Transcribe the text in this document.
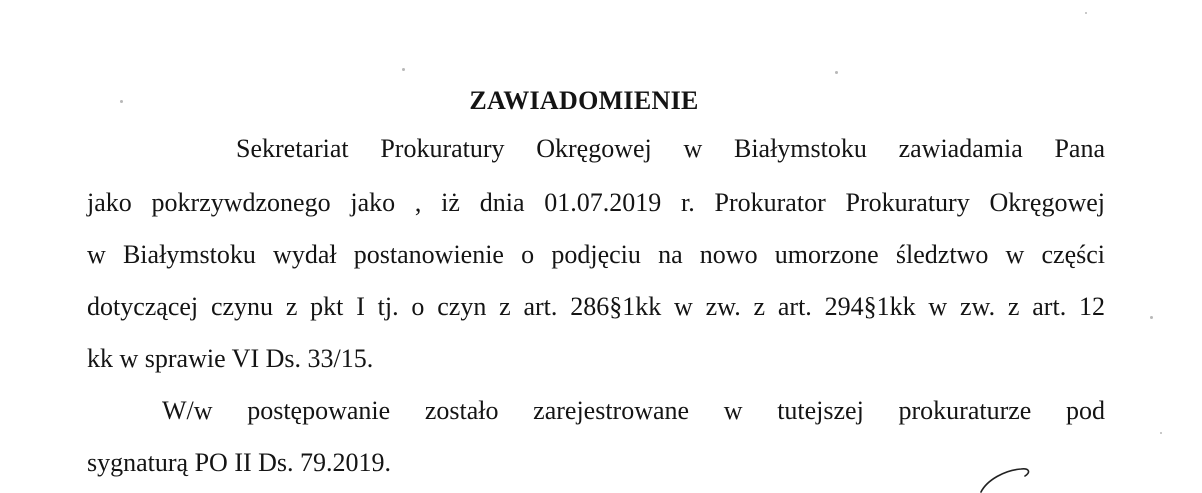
ZAWIADOMIENIE
Sekretariat Prokuratury Okręgowej w Białymstoku zawiadamia Pana
jako pokrzywdzonego jako , iż dnia 01.07.2019 r. Prokurator Prokuratury Okręgowej
w Białymstoku wydał postanowienie o podjęciu na nowo umorzone śledztwo w części
dotyczącej czynu z pkt I tj. o czyn z art. 286§1kk w zw. z art. 294§1kk w zw. z art. 12
kk w sprawie VI Ds. 33/15.
W/w postępowanie zostało zarejestrowane w tutejszej prokuraturze pod
sygnaturą PO II Ds. 79.2019.
